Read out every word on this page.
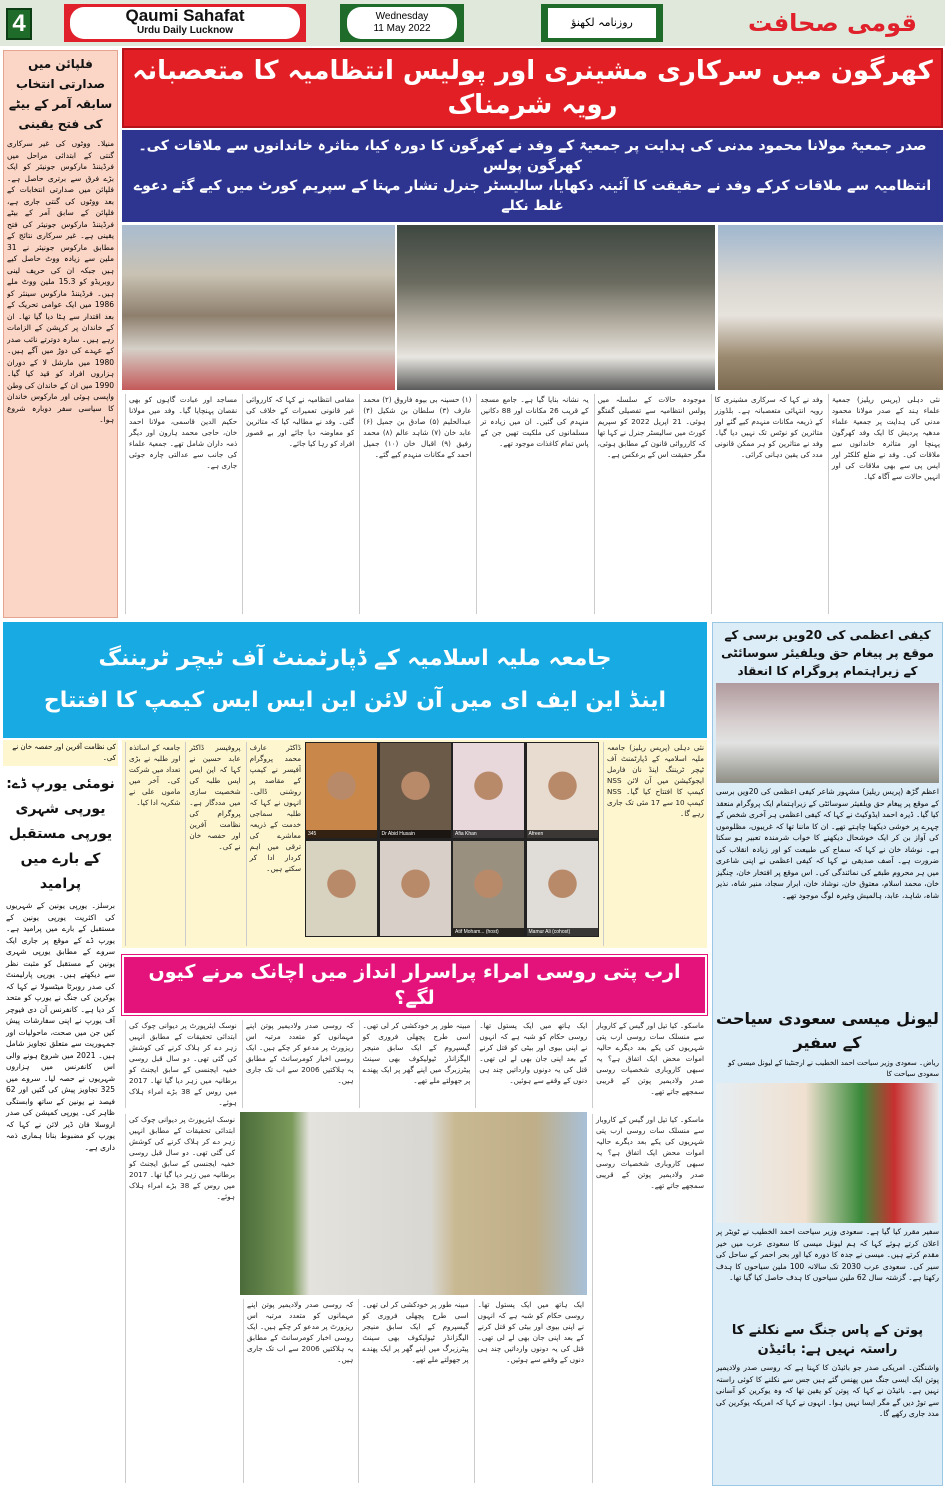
4	Qaumi Sahafat
Urdu Daily Lucknow
Wednesday
11 May 2022	روزنامہ لکھنؤ	قومی صحافت
فلپائن میں صدارتی انتخاب سابقہ آمر کے بیٹے کی فتح یقینی
منیلا۔ ووٹوں کی غیر سرکاری گنتی کے ابتدائی مراحل میں فرڈیننڈ مارکوس جونیئر کو ایک بڑے فرق سے برتری حاصل ہے۔ فلپائن میں صدارتی انتخابات کے بعد ووٹوں کی گنتی جاری ہے، فلپائن کے سابق آمر کے بیٹے فرڈیننڈ مارکوس جونیئر کی فتح یقینی ہے۔ غیر سرکاری نتائج کے مطابق مارکوس جونیئر نے 31 ملین سے زیادہ ووٹ حاصل کیے ہیں جبکہ ان کی حریف لینی روبریڈو کو 15.3 ملین ووٹ ملے ہیں۔ فرڈیننڈ مارکوس سینئر کو 1986 میں ایک عوامی تحریک کے بعد اقتدار سے ہٹا دیا گیا تھا۔ ان کے خاندان پر کرپشن کے الزامات رہے ہیں۔ سارہ دوترتے نائب صدر کے عہدے کی دوڑ میں آگے ہیں۔ 1980 میں مارشل لا کے دوران ہزاروں افراد کو قید کیا گیا۔ 1990 میں ان کے خاندان کی وطن واپسی ہوئی اور مارکوس خاندان کا سیاسی سفر دوبارہ شروع ہوا۔
کھرگون میں سرکاری مشینری اور پولیس انتظامیہ کا متعصبانہ رویہ شرمناک
صدر جمعیۃ مولانا محمود مدنی کی ہدایت پر جمعیۃ کے وفد نے کھرگون کا دورہ کیا، متاثرہ خاندانوں سے ملاقات کی۔ کھرگون پولس
انتظامیہ سے ملاقات کرکے وفد نے حقیقت کا آئینہ دکھایا، سالیسٹر جنرل تشار مہتا کے سپریم کورٹ میں کیے گئے دعوے غلط نکلے
نئی دہلی (پریس ریلیز) جمعیۃ علماء ہند کے صدر مولانا محمود مدنی کی ہدایت پر جمعیۃ علماء مدھیہ پردیش کا ایک وفد کھرگون پہنچا اور متاثرہ خاندانوں سے ملاقات کی۔ وفد نے ضلع کلکٹر اور ایس پی سے بھی ملاقات کی اور انہیں حالات سے آگاہ کیا۔
وفد نے کہا کہ سرکاری مشینری کا رویہ انتہائی متعصبانہ ہے۔ بلڈوزر کے ذریعہ مکانات منہدم کیے گئے اور متاثرین کو نوٹس تک نہیں دیا گیا۔ وفد نے متاثرین کو ہر ممکن قانونی مدد کی یقین دہانی کرائی۔
موجودہ حالات کے سلسلہ میں پولس انتظامیہ سے تفصیلی گفتگو ہوئی۔ 21 اپریل 2022 کو سپریم کورٹ میں سالیسٹر جنرل نے کہا تھا کہ کارروائی قانون کے مطابق ہوئی، مگر حقیقت اس کے برعکس ہے۔
یہ نشانہ بنایا گیا ہے۔ جامع مسجد کے قریب 26 مکانات اور 88 دکانیں منہدم کی گئیں۔ ان میں زیادہ تر مسلمانوں کی ملکیت تھیں جن کے پاس تمام کاغذات موجود تھے۔
(۱) حسینہ بی بیوہ فاروق (۲) محمد عارف (۳) سلطان بن شکیل (۴) عبدالحلیم (۵) صادق بن جمیل (۶) عابد خان (۷) شاہد عالم (۸) محمد رفیق (۹) اقبال خان (۱۰) جمیل احمد کے مکانات منہدم کیے گئے۔
مقامی انتظامیہ نے کہا کہ کارروائی غیر قانونی تعمیرات کے خلاف کی گئی۔ وفد نے مطالبہ کیا کہ متاثرین کو معاوضہ دیا جائے اور بے قصور افراد کو رہا کیا جائے۔
مساجد اور عبادت گاہوں کو بھی نقصان پہنچایا گیا۔ وفد میں مولانا حکیم الدین قاسمی، مولانا احمد خان، حاجی محمد ہارون اور دیگر ذمہ داران شامل تھے۔ جمعیۃ علماء کی جانب سے عدالتی چارہ جوئی جاری ہے۔
جامعہ ملیہ اسلامیہ کے ڈپارٹمنٹ آف ٹیچر ٹریننگ
اینڈ این ایف ای میں آن لائن این ایس ایس کیمپ کا افتتاح
نئی دہلی (پریس ریلیز) جامعہ ملیہ اسلامیہ کے ڈپارٹمنٹ آف ٹیچر ٹریننگ اینڈ نان فارمل ایجوکیشن میں آن لائن NSS کیمپ کا افتتاح کیا گیا۔ NSS کیمپ 10 سے 17 مئی تک جاری رہے گا۔
ڈاکٹر عارف محمد پروگرام آفیسر نے کیمپ کے مقاصد پر روشنی ڈالی۔ انہوں نے کہا کہ طلبہ سماجی خدمت کے ذریعہ معاشرے کی ترقی میں اہم کردار ادا کر سکتے ہیں۔
پروفیسر ڈاکٹر عابد حسین نے کہا کہ این ایس ایس طلبہ کی شخصیت سازی میں مددگار ہے۔ پروگرام کی نظامت آفرین اور حفصہ خان نے کی۔
جامعہ کے اساتذہ اور طلبہ نے بڑی تعداد میں شرکت کی۔ آخر میں ماموں علی نے شکریہ ادا کیا۔
345	Dr Abid Husain	Afia Khan	Afreen
Atif Moham... (host)	Mamur Ali (cohost)
کی نظامت آفرین اور حفصہ خان نے کی۔
نومئی یورپ ڈے: یورپی شہری یورپی مستقبل کے بارے میں پرامید
برسلز۔ یورپی یونین کے شہریوں کی اکثریت یورپی یونین کے مستقبل کے بارے میں پرامید ہے۔ یورپ ڈے کے موقع پر جاری ایک سروے کے مطابق یورپی شہری یونین کے مستقبل کو مثبت نظر سے دیکھتے ہیں۔ یورپی پارلیمنٹ کی صدر روبرٹا میٹسولا نے کہا کہ یوکرین کی جنگ نے یورپ کو متحد کر دیا ہے۔ کانفرنس آن دی فیوچر آف یورپ نے اپنی سفارشات پیش کیں جن میں صحت، ماحولیات اور جمہوریت سے متعلق تجاویز شامل ہیں۔ 2021 میں شروع ہونے والی اس کانفرنس میں ہزاروں شہریوں نے حصہ لیا۔ سروے میں 325 تجاویز پیش کی گئیں اور 62 فیصد نے یونین کے ساتھ وابستگی ظاہر کی۔ یورپی کمیشن کی صدر اروسلا فان ڈیر لائن نے کہا کہ یورپ کو مضبوط بنانا ہماری ذمہ داری ہے۔
ارب پتی روسی امراء پراسرار انداز میں اچانک مرنے کیوں لگے؟
ماسکو۔ کیا تیل اور گیس کے کاروبار سے منسلک سات روسی ارب پتی شہریوں کی یکے بعد دیگرے حالیہ اموات محض ایک اتفاق ہے؟ یہ سبھی کاروباری شخصیات روسی صدر ولادیمیر پوتن کے قریبی سمجھے جاتے تھے۔
ایک ہاتھ میں ایک پستول تھا۔ روسی حکام کو شبہ ہے کہ انہوں نے اپنی بیوی اور بیٹی کو قتل کرنے کے بعد اپنی جان بھی لے لی تھی۔ قتل کی یہ دونوں وارداتیں چند ہی دنوں کے وقفے سے ہوئیں۔
مبینہ طور پر خودکشی کر لی تھی۔ اسی طرح پچھلی فروری کو گیسپروم کے ایک سابق منیجر الیگزانڈر ٹیولیکوف بھی سینٹ پیٹرزبرگ میں اپنے گھر پر ایک پھندے پر جھولتے ملے تھے۔
کہ روسی صدر ولادیمیر پوتن اپنے مہمانوں کو متعدد مرتبہ اس ریزورٹ پر مدعو کر چکے ہیں۔ ایک روسی اخبار کومرسانٹ کے مطابق یہ ہلاکتیں 2006 سے اب تک جاری ہیں۔
نوسک ایئرپورٹ پر دیوانی چوک کی ابتدائی تحقیقات کے مطابق انہیں زہر دے کر ہلاک کرنے کی کوشش کی گئی تھی۔ دو سال قبل روسی خفیہ ایجنسی کے سابق ایجنٹ کو برطانیہ میں زہر دیا گیا تھا۔ 2017 میں روس کے 38 بڑے امراء ہلاک ہوئے۔
نوسک ایئرپورٹ پر دیوانی چوک کی ابتدائی تحقیقات کے مطابق انہیں زہر دے کر ہلاک کرنے کی کوشش کی گئی تھی۔ دو سال قبل روسی خفیہ ایجنسی کے سابق ایجنٹ کو برطانیہ میں زہر دیا گیا تھا۔ 2017 میں روس کے 38 بڑے امراء ہلاک ہوئے۔
ماسکو۔ کیا تیل اور گیس کے کاروبار سے منسلک سات روسی ارب پتی شہریوں کی یکے بعد دیگرے حالیہ اموات محض ایک اتفاق ہے؟ یہ سبھی کاروباری شخصیات روسی صدر ولادیمیر پوتن کے قریبی سمجھے جاتے تھے۔
ایک ہاتھ میں ایک پستول تھا۔ روسی حکام کو شبہ ہے کہ انہوں نے اپنی بیوی اور بیٹی کو قتل کرنے کے بعد اپنی جان بھی لے لی تھی۔ قتل کی یہ دونوں وارداتیں چند ہی دنوں کے وقفے سے ہوئیں۔
مبینہ طور پر خودکشی کر لی تھی۔ اسی طرح پچھلی فروری کو گیسپروم کے ایک سابق منیجر الیگزانڈر ٹیولیکوف بھی سینٹ پیٹرزبرگ میں اپنے گھر پر ایک پھندے پر جھولتے ملے تھے۔
کہ روسی صدر ولادیمیر پوتن اپنے مہمانوں کو متعدد مرتبہ اس ریزورٹ پر مدعو کر چکے ہیں۔ ایک روسی اخبار کومرسانٹ کے مطابق یہ ہلاکتیں 2006 سے اب تک جاری ہیں۔
کیفی اعظمی کی 20ویں برسی کے موقع پر پیغام حق ویلفیئر سوسائٹی کے زیراہتمام پروگرام کا انعقاد
اعظم گڑھ (پریس ریلیز) مشہور شاعر کیفی اعظمی کی 20ویں برسی کے موقع پر پیغام حق ویلفیئر سوسائٹی کے زیراہتمام ایک پروگرام منعقد کیا گیا۔ ڈیرہ احمد ایڈوکیٹ نے کہا کہ کیفی اعظمی ہر آخری شخص کے چہرے پر خوشی دیکھنا چاہتے تھے۔ ان کا ماننا تھا کہ غریبوں، مظلوموں کی آواز بن کر ایک خوشحال دیکھنے کا خواب شرمندہ تعبیر ہو سکتا ہے۔ نوشاد خان نے کہا کہ سماج کی طبیعت کو اور زیادہ انقلاب کی ضرورت ہے۔ آصف صدیقی نے کہا کہ کیفی اعظمی نے اپنی شاعری میں ہر محروم طبقے کی نمائندگی کی۔ اس موقع پر افتخار خان، چنگیز خان، محمد اسلام، معتوق خان، نوشاد خان، ابرار سجاد، منیر شاہ، نذیر شاہ، شاہد، عابد، ہالمیش وغیرہ لوگ موجود تھے۔
لیونل میسی سعودی سیاحت کے سفیر
ریاض۔ سعودی وزیر سیاحت احمد الخطیب نے ارجنٹینا کے لیونل میسی کو سعودی سیاحت کا
سفیر مقرر کیا گیا ہے۔ سعودی وزیر سیاحت احمد الخطیب نے ٹویٹر پر اعلان کرتے ہوئے کہا کہ ہم لیونل میسی کا سعودی عرب میں خیر مقدم کرتے ہیں۔ میسی نے جدہ کا دورہ کیا اور بحر احمر کے ساحل کی سیر کی۔ سعودی عرب 2030 تک سالانہ 100 ملین سیاحوں کا ہدف رکھتا ہے۔ گزشتہ سال 62 ملین سیاحوں کا ہدف حاصل کیا گیا تھا۔
پوتن کے پاس جنگ سے نکلنے کا راستہ نہیں ہے: بائیڈن
واشنگٹن۔ امریکی صدر جو بائیڈن کا کہنا ہے کہ روسی صدر ولادیمیر پوتن ایک ایسی جنگ میں پھنس گئے ہیں جس سے نکلنے کا کوئی راستہ نہیں ہے۔ بائیڈن نے کہا کہ پوتن کو یقین تھا کہ وہ یوکرین کو آسانی سے توڑ دیں گے مگر ایسا نہیں ہوا۔ انہوں نے کہا کہ امریکہ یوکرین کی مدد جاری رکھے گا۔
